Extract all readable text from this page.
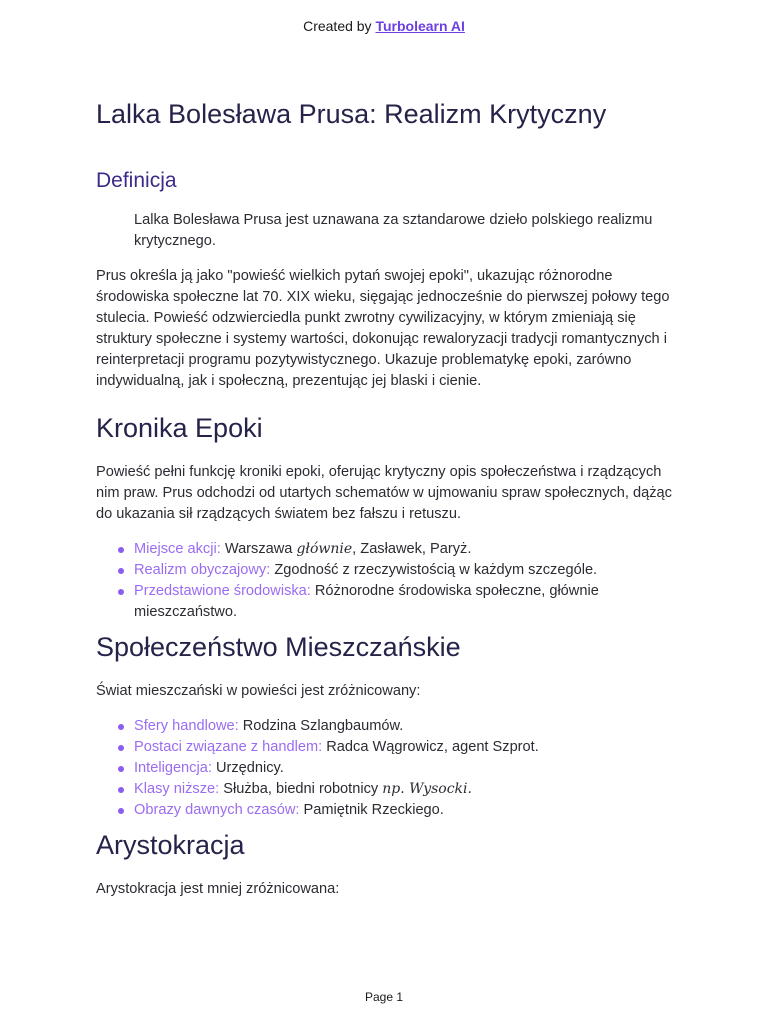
Created by Turbolearn AI
Lalka Bolesława Prusa: Realizm Krytyczny
Definicja
Lalka Bolesława Prusa jest uznawana za sztandarowe dzieło polskiego realizmu krytycznego.

Prus określa ją jako "powieść wielkich pytań swojej epoki", ukazując różnorodne środowiska społeczne lat 70. XIX wieku, sięgając jednocześnie do pierwszej połowy tego stulecia. Powieść odzwierciedla punkt zwrotny cywilizacyjny, w którym zmieniają się struktury społeczne i systemy wartości, dokonując rewaloryzacji tradycji romantycznych i reinterpretacji programu pozytywistycznego. Ukazuje problematykę epoki, zarówno indywidualną, jak i społeczną, prezentując jej blaski i cienie.

Kronika Epoki

Powieść pełni funkcję kroniki epoki, oferując krytyczny opis społeczeństwa i rządzących nim praw. Prus odchodzi od utartych schematów w ujmowaniu spraw społecznych, dążąc do ukazania sił rządzących światem bez fałszu i retuszu.

Miejsce akcji: Warszawa głównie, Zasławek, Paryż.
Realizm obyczajowy: Zgodność z rzeczywistością w każdym szczególe.
Przedstawione środowiska: Różnorodne środowiska społeczne, głównie mieszczaństwo.
Społeczeństwo Mieszczańskie

Świat mieszczański w powieści jest zróżnicowany:

Sfery handlowe: Rodzina Szlangbaumów.
Postaci związane z handlem: Radca Wągrowicz, agent Szprot.
Inteligencja: Urzędnicy.
Klasy niższe: Służba, biedni robotnicy np. Wysocki.
Obrazy dawnych czasów: Pamiętnik Rzeckiego.
Arystokracja

Arystokracja jest mniej zróżnicowana:

Page 1
